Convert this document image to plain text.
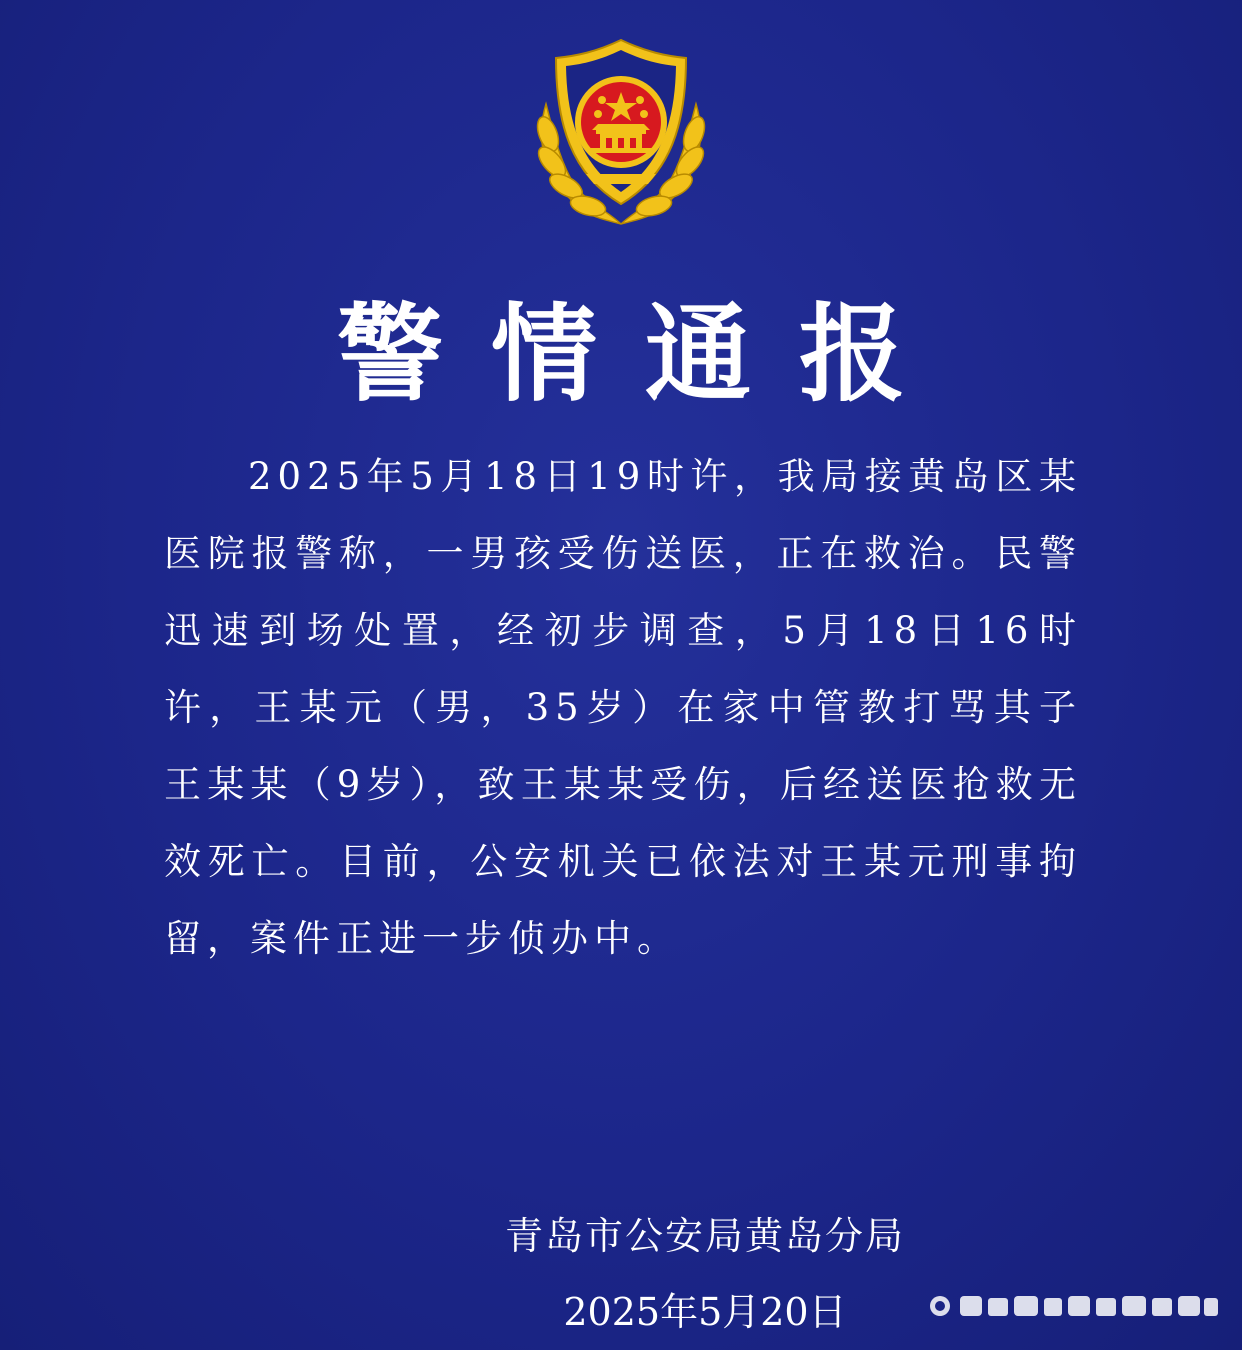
警情通报

2025年5月18日19时许，我局接黄岛区某医院报警称，一男孩受伤送医，正在救治。民警迅速到场处置，经初步调查，5月18日16时许，王某元（男，35岁）在家中管教打骂其子王某某（9岁），致王某某受伤，后经送医抢救无效死亡。目前，公安机关已依法对王某元刑事拘留，案件正进一步侦办中。

青岛市公安局黄岛分局
2025年5月20日
